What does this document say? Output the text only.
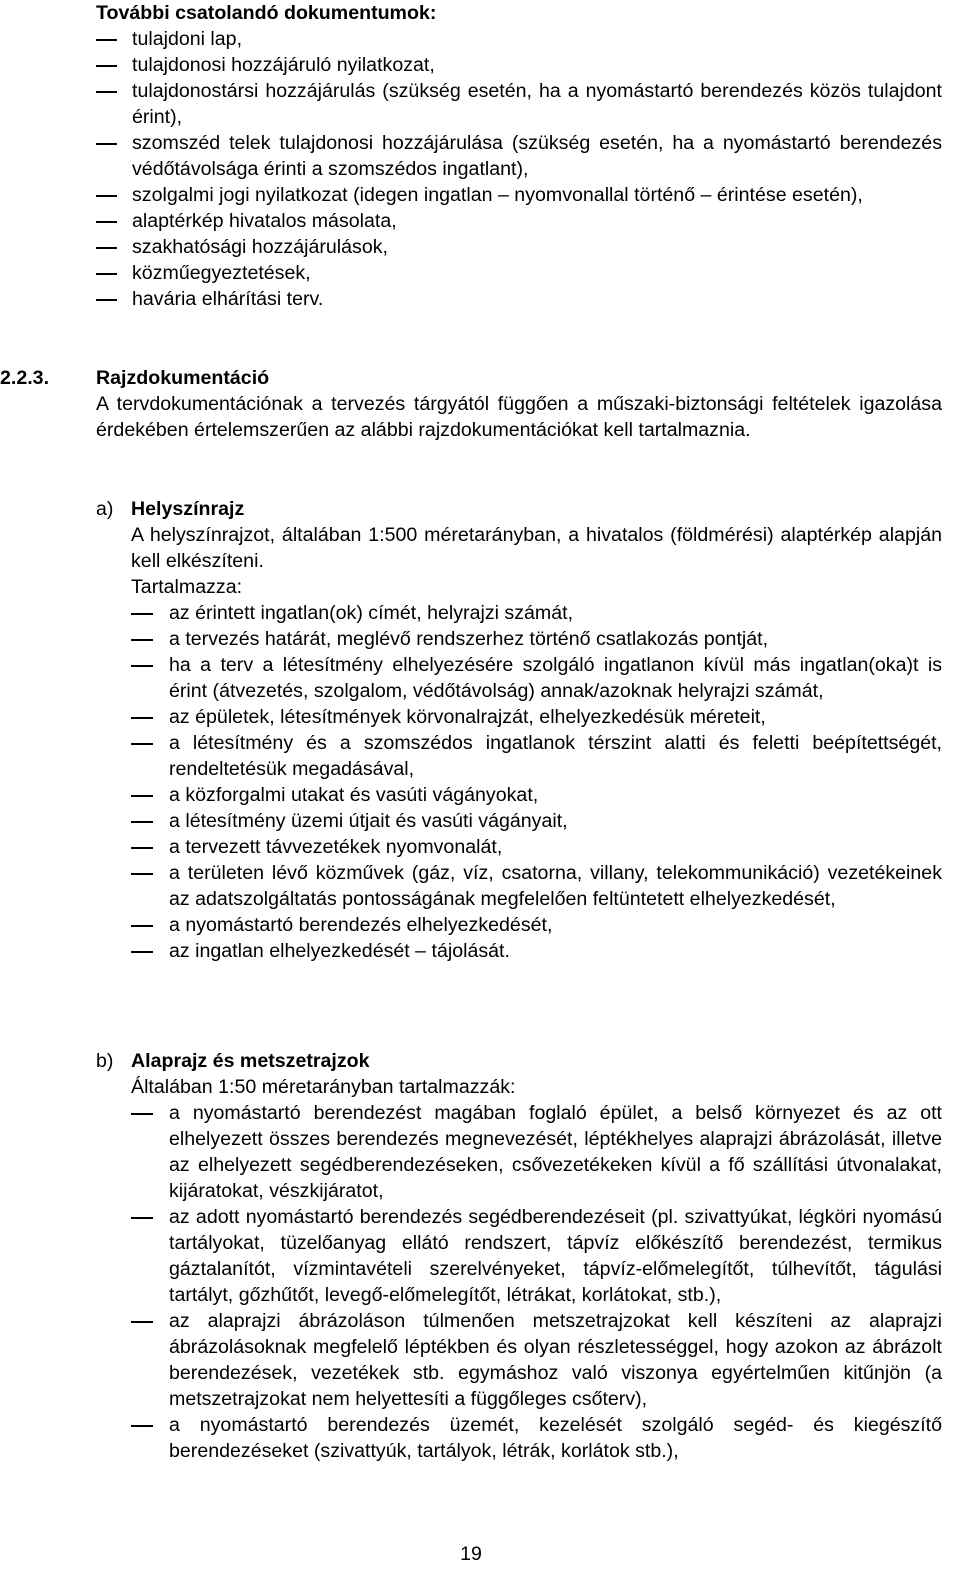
További csatolandó dokumentumok:
tulajdoni lap,
tulajdonosi hozzájáruló nyilatkozat,
tulajdonostársi hozzájárulás (szükség esetén, ha a nyomástartó berendezés közös tulajdont érint),
szomszéd telek tulajdonosi hozzájárulása (szükség esetén, ha a nyomástartó berendezés védőtávolsága érinti a szomszédos ingatlant),
szolgalmi jogi nyilatkozat (idegen ingatlan – nyomvonallal történő – érintése esetén),
alaptérkép hivatalos másolata,
szakhatósági hozzájárulások,
közműegyeztetések,
havária elhárítási terv.
2.2.3. Rajzdokumentáció
A tervdokumentációnak a tervezés tárgyától függően a műszaki-biztonsági feltételek igazolása érdekében értelemszerűen az alábbi rajzdokumentációkat kell tartalmaznia.
a) Helyszínrajz
A helyszínrajzot, általában 1:500 méretarányban, a hivatalos (földmérési) alaptérkép alapján kell elkészíteni.
Tartalmazza:
az érintett ingatlan(ok) címét, helyrajzi számát,
a tervezés határát, meglévő rendszerhez történő csatlakozás pontját,
ha a terv a létesítmény elhelyezésére szolgáló ingatlanon kívül más ingatlan(oka)t is érint (átvezetés, szolgalom, védőtávolság) annak/azoknak helyrajzi számát,
az épületek, létesítmények körvonalrajzát, elhelyezkedésük méreteit,
a létesítmény és a szomszédos ingatlanok térszint alatti és feletti beépítettségét, rendeltetésük megadásával,
a közforgalmi utakat és vasúti vágányokat,
a létesítmény üzemi útjait és vasúti vágányait,
a tervezett távvezetékek nyomvonalát,
a területen lévő közművek (gáz, víz, csatorna, villany, telekommunikáció) vezetékeinek az adatszolgáltatás pontosságának megfelelően feltüntetett elhelyezkedését,
a nyomástartó berendezés elhelyezkedését,
az ingatlan elhelyezkedését – tájolását.
b) Alaprajz és metszetrajzok
Általában 1:50 méretarányban tartalmazzák:
a nyomástartó berendezést magában foglaló épület, a belső környezet és az ott elhelyezett összes berendezés megnevezését, léptékhelyes alaprajzi ábrázolását, illetve az elhelyezett segédberendezéseken, csővezetékeken kívül a fő szállítási útvonalakat, kijáratokat, vészkijáratot,
az adott nyomástartó berendezés segédberendezéseit (pl. szivattyúkat, légköri nyomású tartályokat, tüzelőanyag ellátó rendszert, tápvíz előkészítő berendezést, termikus gáztalanítót, vízmintavételi szerelvényeket, tápvíz-előmelegítőt, túlhevítőt, tágulási tartályt, gőzhűtőt, levegő-előmelegítőt, létrákat, korlátokat, stb.),
az alaprajzi ábrázoláson túlmenően metszetrajzokat kell készíteni az alaprajzi ábrázolásoknak megfelelő léptékben és olyan részletességgel, hogy azokon az ábrázolt berendezések, vezetékek stb. egymáshoz való viszonya egyértelműen kitűnjön (a metszetrajzokat nem helyettesíti a függőleges csőterv),
a nyomástartó berendezés üzemét, kezelését szolgáló segéd- és kiegészítő berendezéseket (szivattyúk, tartályok, létrák, korlátok stb.),
19
